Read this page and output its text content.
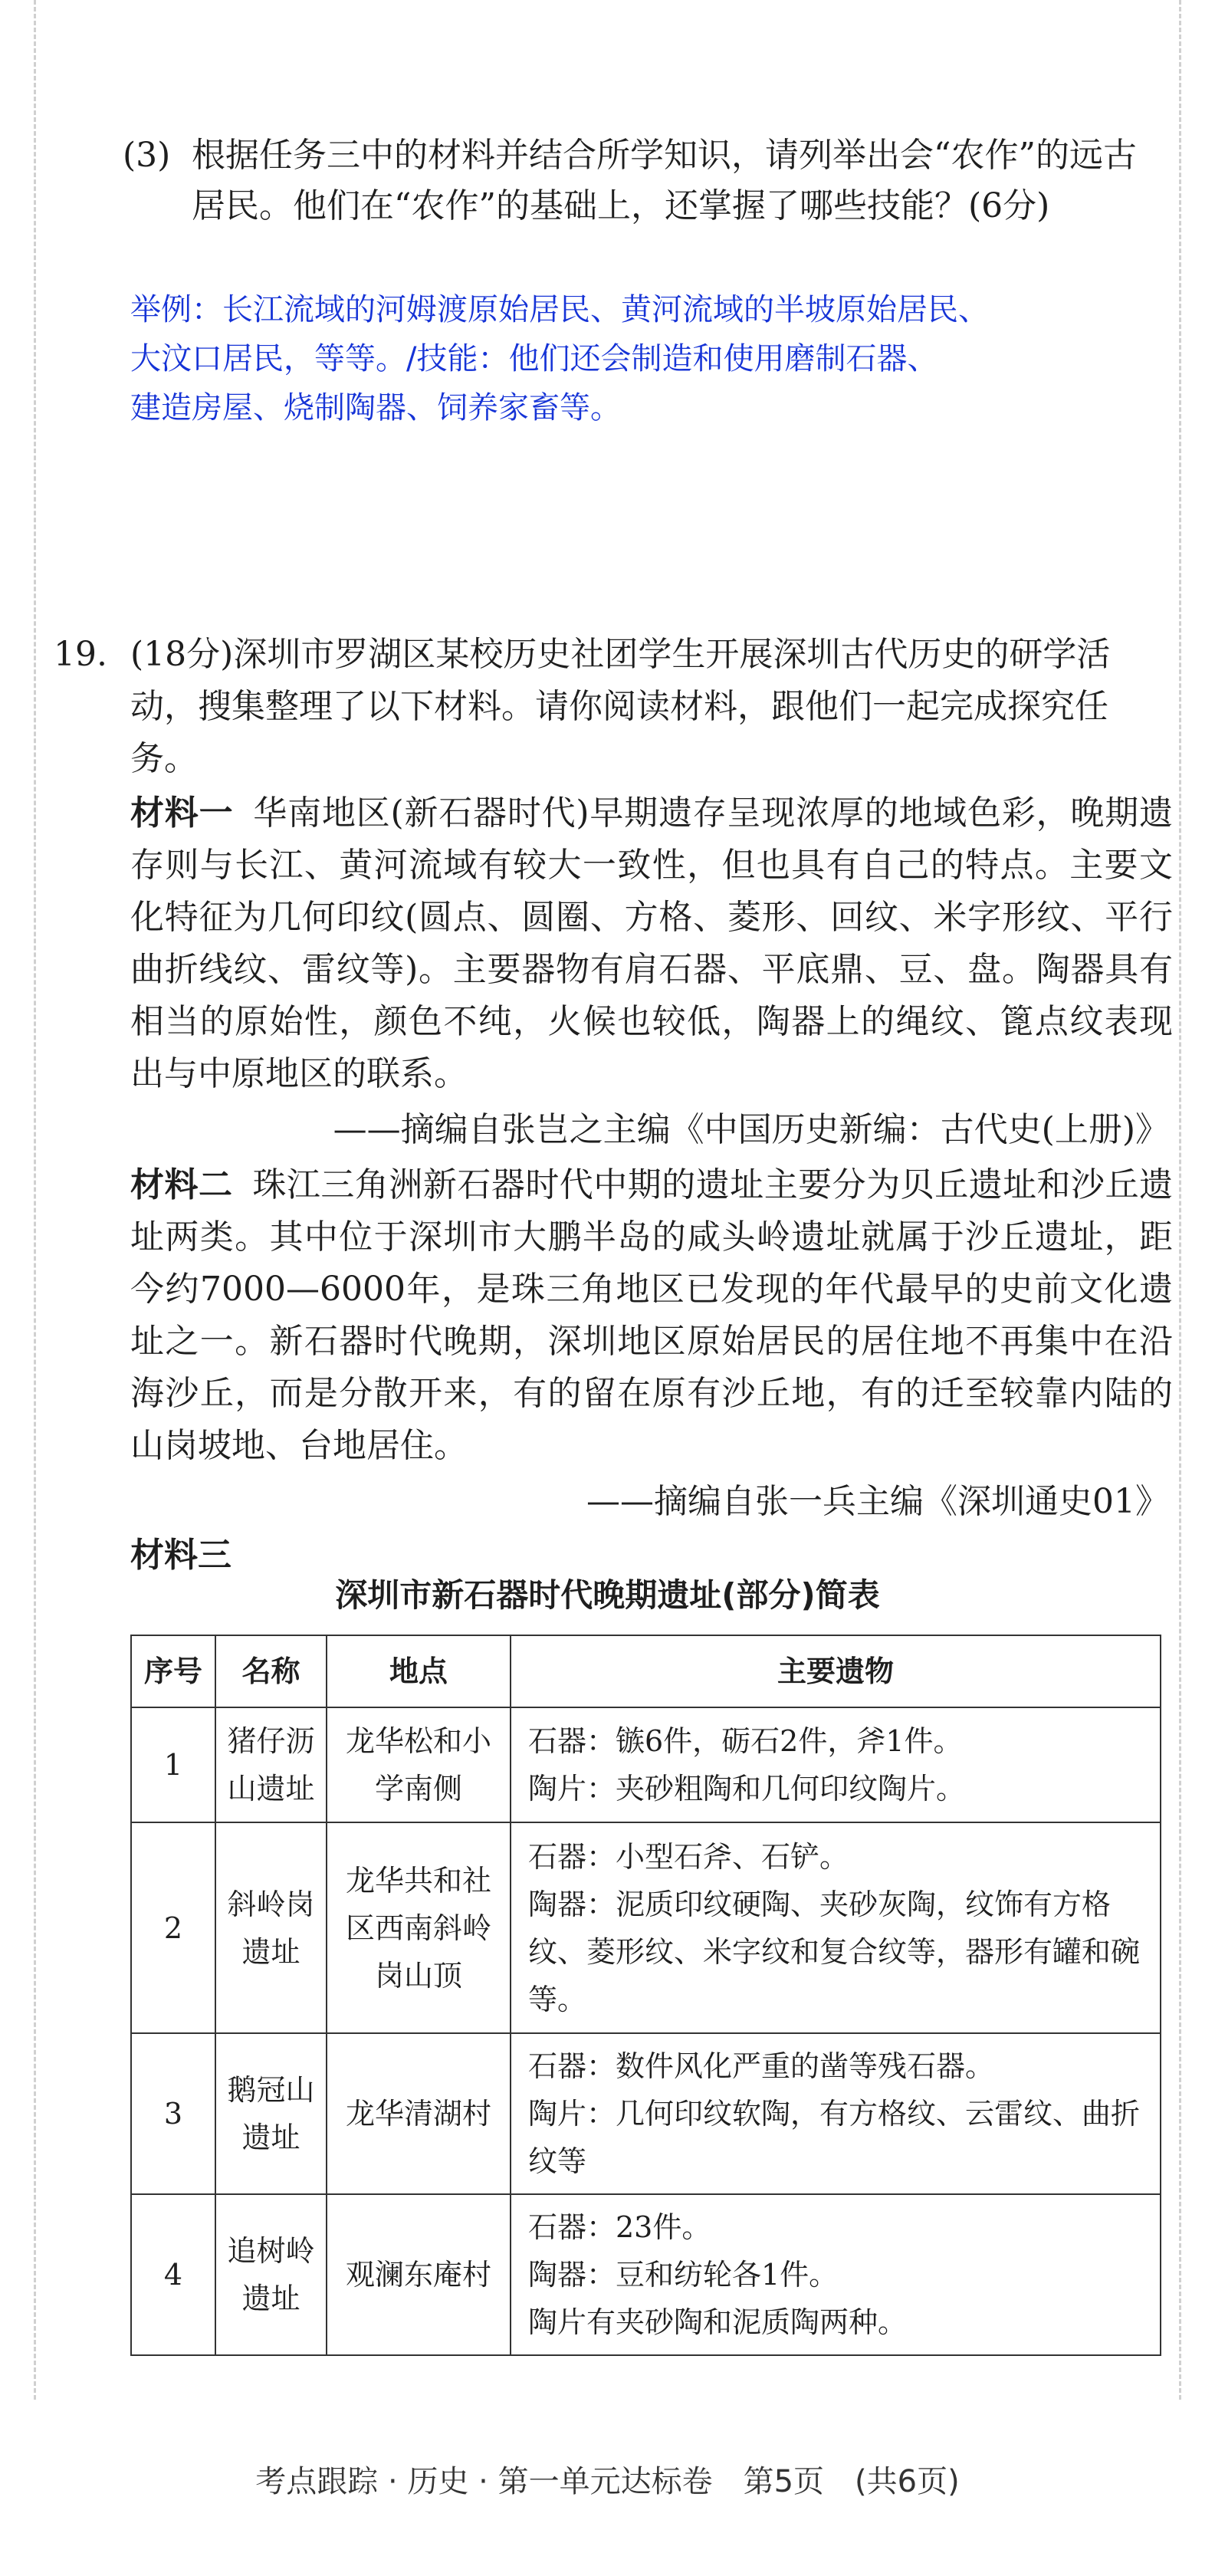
(3) 根据任务三中的材料并结合所学知识，请列举出会“农作”的远古居民。他们在“农作”的基础上，还掌握了哪些技能？(6分)
举例：长江流域的河姆渡原始居民、黄河流域的半坡原始居民、
大汶口居民，等等。/技能：他们还会制造和使用磨制石器、
建造房屋、烧制陶器、饲养家畜等。
19. (18分)深圳市罗湖区某校历史社团学生开展深圳古代历史的研学活动，搜集整理了以下材料。请你阅读材料，跟他们一起完成探究任务。
材料一 华南地区(新石器时代)早期遗存呈现浓厚的地域色彩，晚期遗存则与长江、黄河流域有较大一致性，但也具有自己的特点。主要文化特征为几何印纹(圆点、圆圈、方格、菱形、回纹、米字形纹、平行曲折线纹、雷纹等)。主要器物有肩石器、平底鼎、豆、盘。陶器具有相当的原始性，颜色不纯，火候也较低，陶器上的绳纹、篦点纹表现出与中原地区的联系。
——摘编自张岂之主编《中国历史新编：古代史(上册)》
材料二 珠江三角洲新石器时代中期的遗址主要分为贝丘遗址和沙丘遗址两类。其中位于深圳市大鹏半岛的咸头岭遗址就属于沙丘遗址，距今约7000—6000年，是珠三角地区已发现的年代最早的史前文化遗址之一。新石器时代晚期，深圳地区原始居民的居住地不再集中在沿海沙丘，而是分散开来，有的留在原有沙丘地，有的迁至较靠内陆的山岗坡地、台地居住。
——摘编自张一兵主编《深圳通史01》
材料三
深圳市新石器时代晚期遗址(部分)简表
序号	名称	地点	主要遗物
1	猪仔沥山遗址	龙华松和小学南侧	石器：镞6件，砺石2件，斧1件。
陶片：夹砂粗陶和几何印纹陶片。

2	斜岭岗遗址	龙华共和社区西南斜岭岗山顶	石器：小型石斧、石铲。
陶器：泥质印纹硬陶、夹砂灰陶，纹饰有方格纹、菱形纹、米字纹和复合纹等，器形有罐和碗等。

3	鹅冠山遗址	龙华清湖村	石器：数件风化严重的凿等残石器。
陶片：几何印纹软陶，有方格纹、云雷纹、曲折纹等

4	追树岭遗址	观澜东庵村	石器：23件。
陶器：豆和纺轮各1件。
陶片有夹砂陶和泥质陶两种。
考点跟踪 · 历史 · 第一单元达标卷　第5页　(共6页)
